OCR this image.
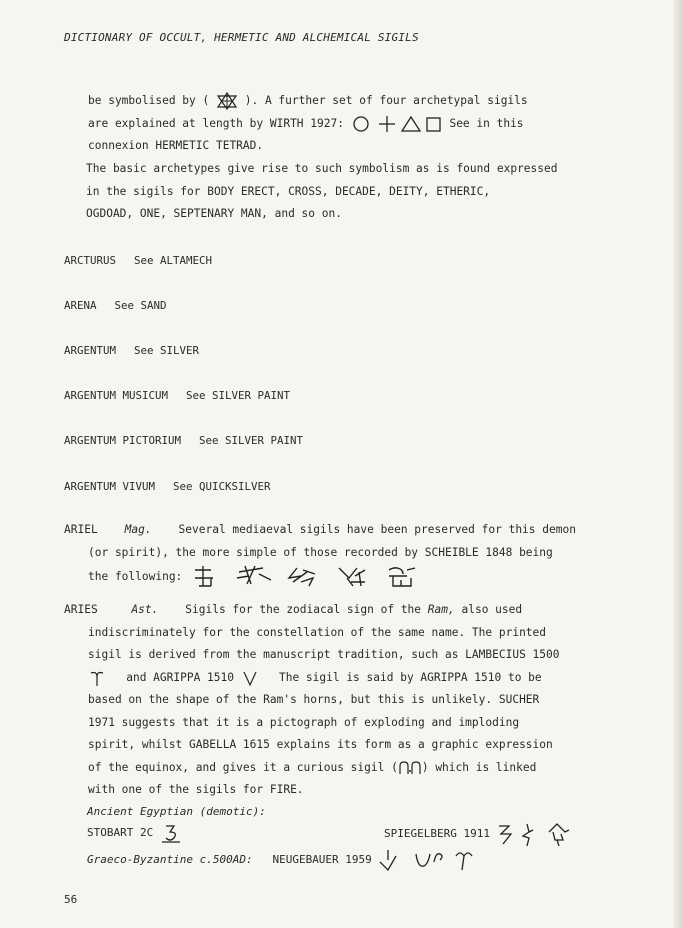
DICTIONARY OF OCCULT, HERMETIC AND ALCHEMICAL SIGILS
be symbolised by (	). A further set of four archetypal sigils
are explained at length by WIRTH 1927:	See in this
connexion HERMETIC TETRAD.
The basic archetypes give rise to such symbolism as is found expressed
in the sigils for BODY ERECT, CROSS, DECADE, DEITY, ETHERIC,
OGDOAD, ONE, SEPTENARY MAN, and so on.
ARCTURUS See ALTAMECH
ARENA See SAND
ARGENTUM See SILVER
ARGENTUM MUSICUM See SILVER PAINT
ARGENTUM PICTORIUM See SILVER PAINT
ARGENTUM VIVUM See QUICKSILVER
ARIEL Mag. Several mediaeval sigils have been preserved for this demon
(or spirit), the more simple of those recorded by SCHEIBLE 1848 being
the following:
ARIES	Ast. Sigils for the zodiacal sign of the Ram, also used
indiscriminately for the constellation of the same name. The printed
sigil is derived from the manuscript tradition, such as LAMBECIUS 1500
and AGRIPPA 1510	The sigil is said by AGRIPPA 1510 to be
based on the shape of the Ram's horns, but this is unlikely. SUCHER
1971 suggests that it is a pictograph of exploding and imploding
spirit, whilst GABELLA 1615 explains its form as a graphic expression
of the equinox, and gives it a curious sigil ( ) which is linked
with one of the sigils for FIRE.
Ancient Egyptian (demotic):
STOBART 2C	SPIEGELBERG 1911
Graeco-Byzantine c.500AD: NEUGEBAUER 1959
56
